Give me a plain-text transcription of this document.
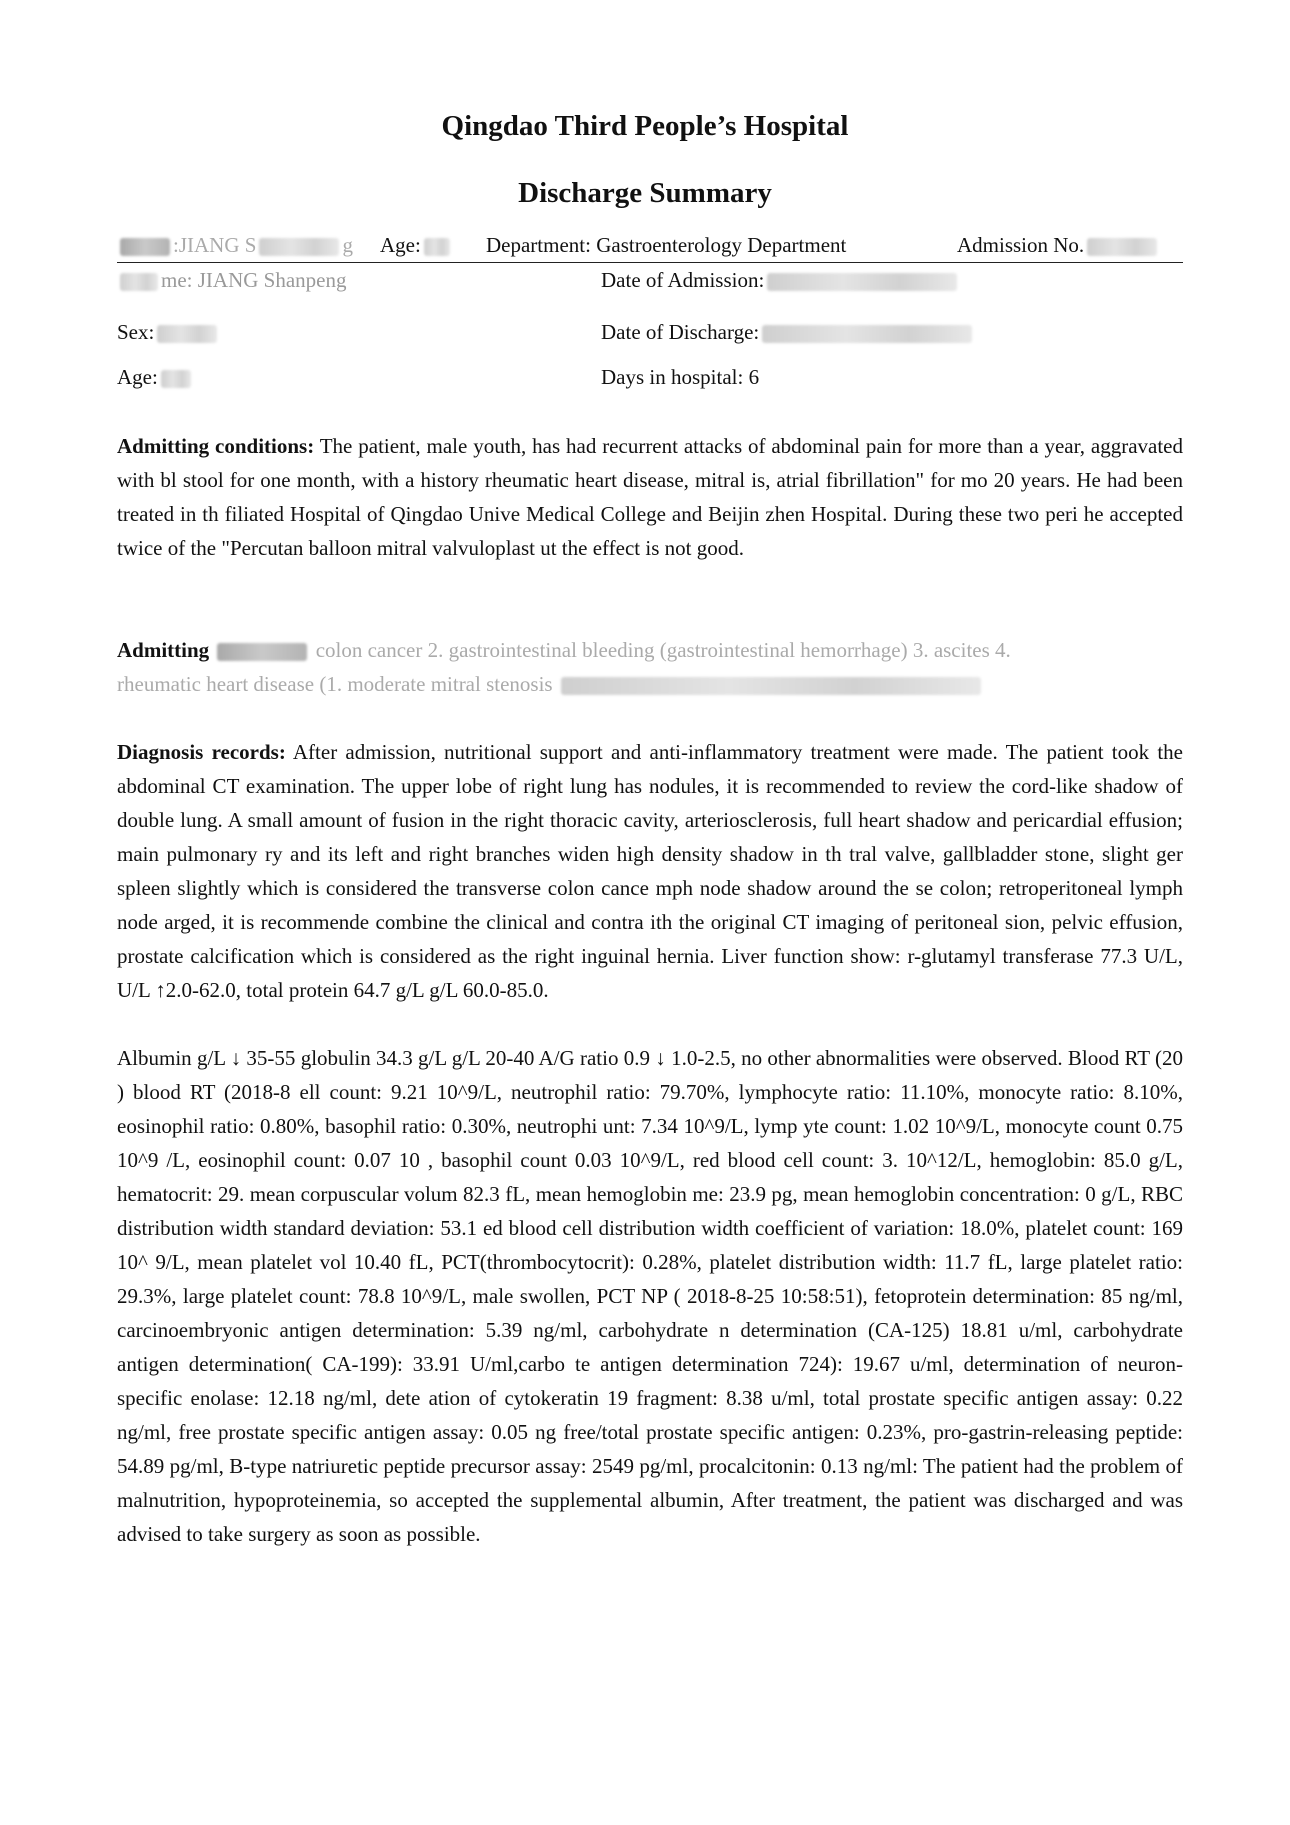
Qingdao Third People’s Hospital
Discharge Summary
:JIANG S	g Age:	Department: Gastroenterology Department	Admission No.
me: JIANG Shanpeng	Date of Admission:
Sex:	Date of Discharge:
Age:	Days in hospital: 6
Admitting conditions: The patient, male youth, has had recurrent attacks of abdominal pain for more than a year, aggravated with bl stool for one month, with a history rheumatic heart disease, mitral is, atrial fibrillation" for mo 20 years. He had been treated in th filiated Hospital of Qingdao Unive Medical College and Beijin zhen Hospital. During these two peri he accepted twice of the "Percutan balloon mitral valvuloplast ut the effect is not good.
Admitting	colon cancer 2. gastrointestinal bleeding (gastrointestinal hemorrhage) 3. ascites 4.
rheumatic heart disease (1. moderate mitral stenosis
Diagnosis records: After admission, nutritional support and anti-inflammatory treatment were made. The patient took the abdominal CT examination. The upper lobe of right lung has nodules, it is recommended to review the cord-like shadow of double lung. A small amount of fusion in the right thoracic cavity, arteriosclerosis, full heart shadow and pericardial effusion; main pulmonary ry and its left and right branches widen high density shadow in th tral valve, gallbladder stone, slight ger spleen slightly which is considered the transverse colon cance mph node shadow around the se colon; retroperitoneal lymph node arged, it is recommende combine the clinical and contra ith the original CT imaging of peritoneal sion, pelvic effusion, prostate calcification which is considered as the right inguinal hernia. Liver function show: r-glutamyl transferase 77.3 U/L, U/L ↑2.0-62.0, total protein 64.7 g/L g/L 60.0-85.0.
Albumin g/L ↓ 35-55 globulin 34.3 g/L g/L 20-40 A/G ratio 0.9 ↓ 1.0-2.5, no other abnormalities were observed. Blood RT (20 ) blood RT (2018-8 ell count: 9.21 10^9/L, neutrophil ratio: 79.70%, lymphocyte ratio: 11.10%, monocyte ratio: 8.10%, eosinophil ratio: 0.80%, basophil ratio: 0.30%, neutrophi unt: 7.34 10^9/L, lymp yte count: 1.02 10^9/L, monocyte count 0.75 10^9 /L, eosinophil count: 0.07 10 , basophil count 0.03 10^9/L, red blood cell count: 3. 10^12/L, hemoglobin: 85.0 g/L, hematocrit: 29. mean corpuscular volum 82.3 fL, mean hemoglobin me: 23.9 pg, mean hemoglobin concentration: 0 g/L, RBC distribution width standard deviation: 53.1 ed blood cell distribution width coefficient of variation: 18.0%, platelet count: 169 10^ 9/L, mean platelet vol 10.40 fL, PCT(thrombocytocrit): 0.28%, platelet distribution width: 11.7 fL, large platelet ratio: 29.3%, large platelet count: 78.8 10^9/L, male swollen, PCT NP ( 2018-8-25 10:58:51), fetoprotein determination: 85 ng/ml, carcinoembryonic antigen determination: 5.39 ng/ml, carbohydrate n determination (CA-125) 18.81 u/ml, carbohydrate antigen determination( CA-199): 33.91 U/ml,carbo te antigen determination 724): 19.67 u/ml, determination of neuron-specific enolase: 12.18 ng/ml, dete ation of cytokeratin 19 fragment: 8.38 u/ml, total prostate specific antigen assay: 0.22 ng/ml, free prostate specific antigen assay: 0.05 ng free/total prostate specific antigen: 0.23%, pro-gastrin-releasing peptide: 54.89 pg/ml, B-type natriuretic peptide precursor assay: 2549 pg/ml, procalcitonin: 0.13 ng/ml: The patient had the problem of malnutrition, hypoproteinemia, so accepted the supplemental albumin, After treatment, the patient was discharged and was advised to take surgery as soon as possible.
